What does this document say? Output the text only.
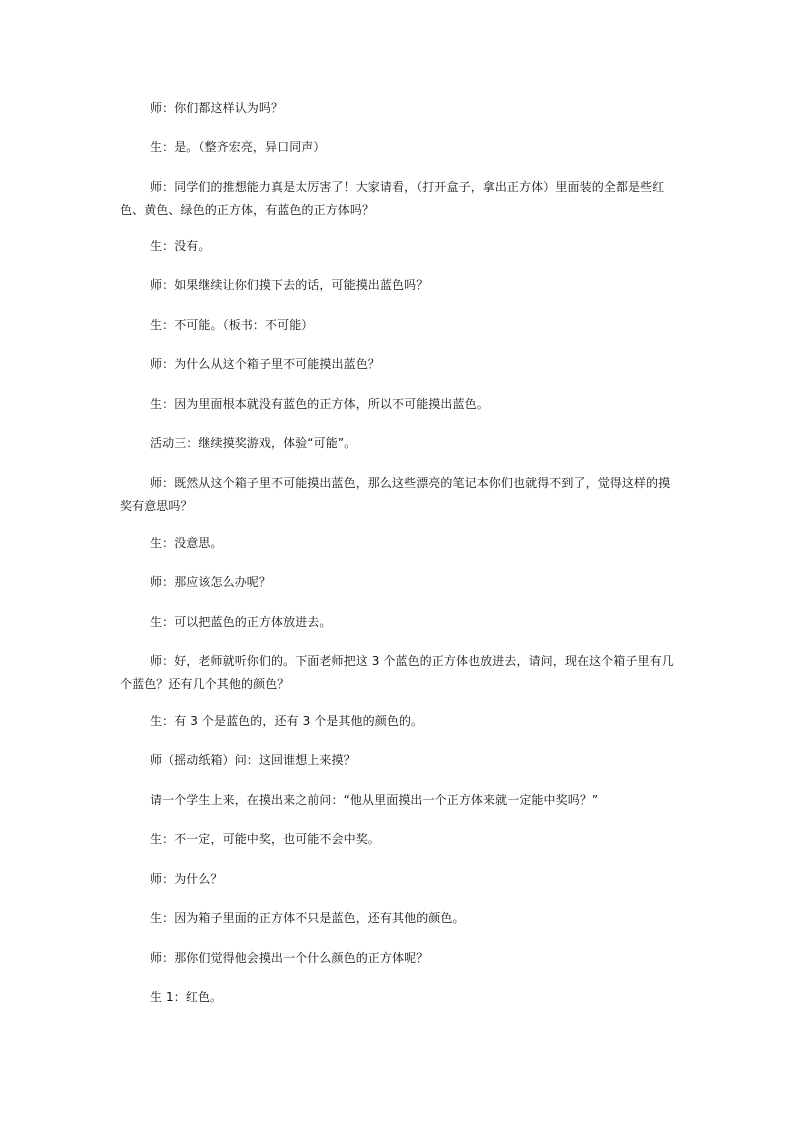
师：你们都这样认为吗？

生：是。（整齐宏亮，异口同声）

师：同学们的推想能力真是太厉害了！大家请看，（打开盒子，拿出正方体）里面装的全都是些红色、黄色、绿色的正方体，有蓝色的正方体吗？

生：没有。

师：如果继续让你们摸下去的话，可能摸出蓝色吗？

生：不可能。（板书：不可能）

师：为什么从这个箱子里不可能摸出蓝色？

生：因为里面根本就没有蓝色的正方体，所以不可能摸出蓝色。

活动三：继续摸奖游戏，体验“可能”。

师：既然从这个箱子里不可能摸出蓝色，那么这些漂亮的笔记本你们也就得不到了，觉得这样的摸奖有意思吗？

生：没意思。

师：那应该怎么办呢？

生：可以把蓝色的正方体放进去。

师：好，老师就听你们的。下面老师把这 3 个蓝色的正方体也放进去，请问，现在这个箱子里有几个蓝色？还有几个其他的颜色？

生：有 3 个是蓝色的，还有 3 个是其他的颜色的。

师（摇动纸箱）问：这回谁想上来摸？

请一个学生上来，在摸出来之前问：“他从里面摸出一个正方体来就一定能中奖吗？”

生：不一定，可能中奖，也可能不会中奖。

师：为什么？

生：因为箱子里面的正方体不只是蓝色，还有其他的颜色。

师：那你们觉得他会摸出一个什么颜色的正方体呢？

生 1：红色。
